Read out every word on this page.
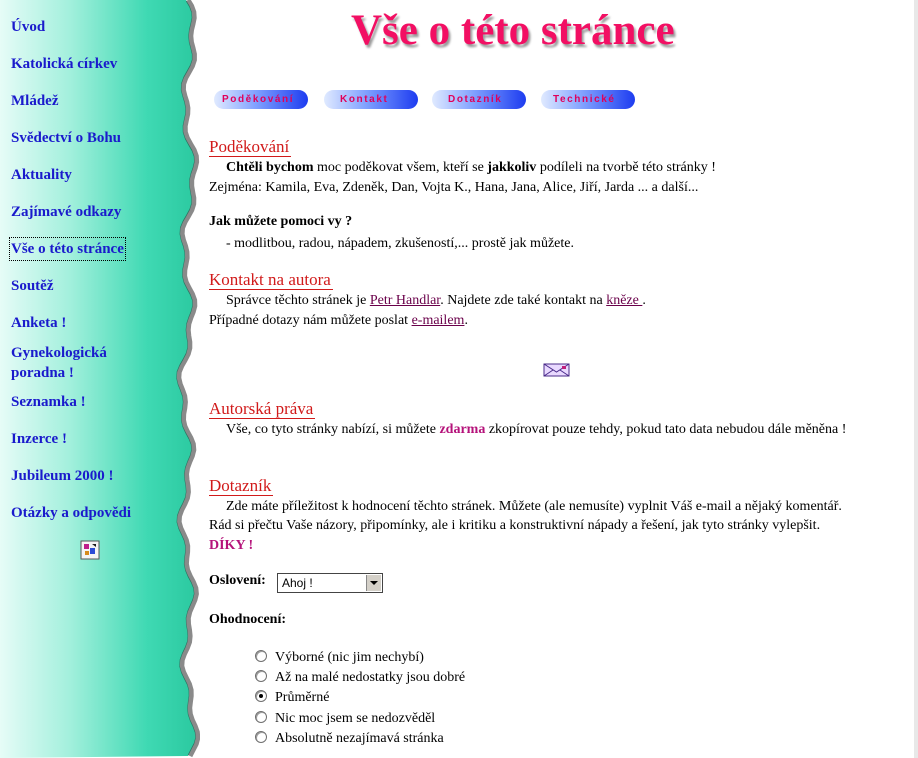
Úvod
Katolická církev
Mládež
Svědectví o Bohu
Aktuality
Zajímavé odkazy
Vše o této stránce
Soutěž
Anketa !
Gynekologická
poradna !
Seznamka !
Inzerce !
Jubileum 2000 !
Otázky a odpovědi
Vše o této stránce
Poděkování	Kontakt	Dotazník	Technické
Poděkování
Chtěli bychom moc poděkovat všem, kteří se jakkoliv podíleli na tvorbě této stránky !
Zejména: Kamila, Eva, Zdeněk, Dan, Vojta K., Hana, Jana, Alice, Jiří, Jarda ... a další...
Jak můžete pomoci vy ?
- modlitbou, radou, nápadem, zkušeností,... prostě jak můžete.
Kontakt na autora
Správce těchto stránek je Petr Handlar. Najdete zde také kontakt na kněze .
Případné dotazy nám můžete poslat e-mailem.
Autorská práva
Vše, co tyto stránky nabízí, si můžete zdarma zkopírovat pouze tehdy, pokud tato data nebudou dále měněna !
Dotazník
Zde máte příležitost k hodnocení těchto stránek. Můžete (ale nemusíte) vyplnit Váš e-mail a nějaký komentář.
Rád si přečtu Vaše názory, připomínky, ale i kritiku a konstruktivní nápady a řešení, jak tyto stránky vylepšit.
DÍKY !
Oslovení: Ahoj !
Ohodnocení:
Výborné (nic jim nechybí)
Až na malé nedostatky jsou dobré
Průměrné
Nic moc jsem se nedozvěděl
Absolutně nezajímavá stránka
